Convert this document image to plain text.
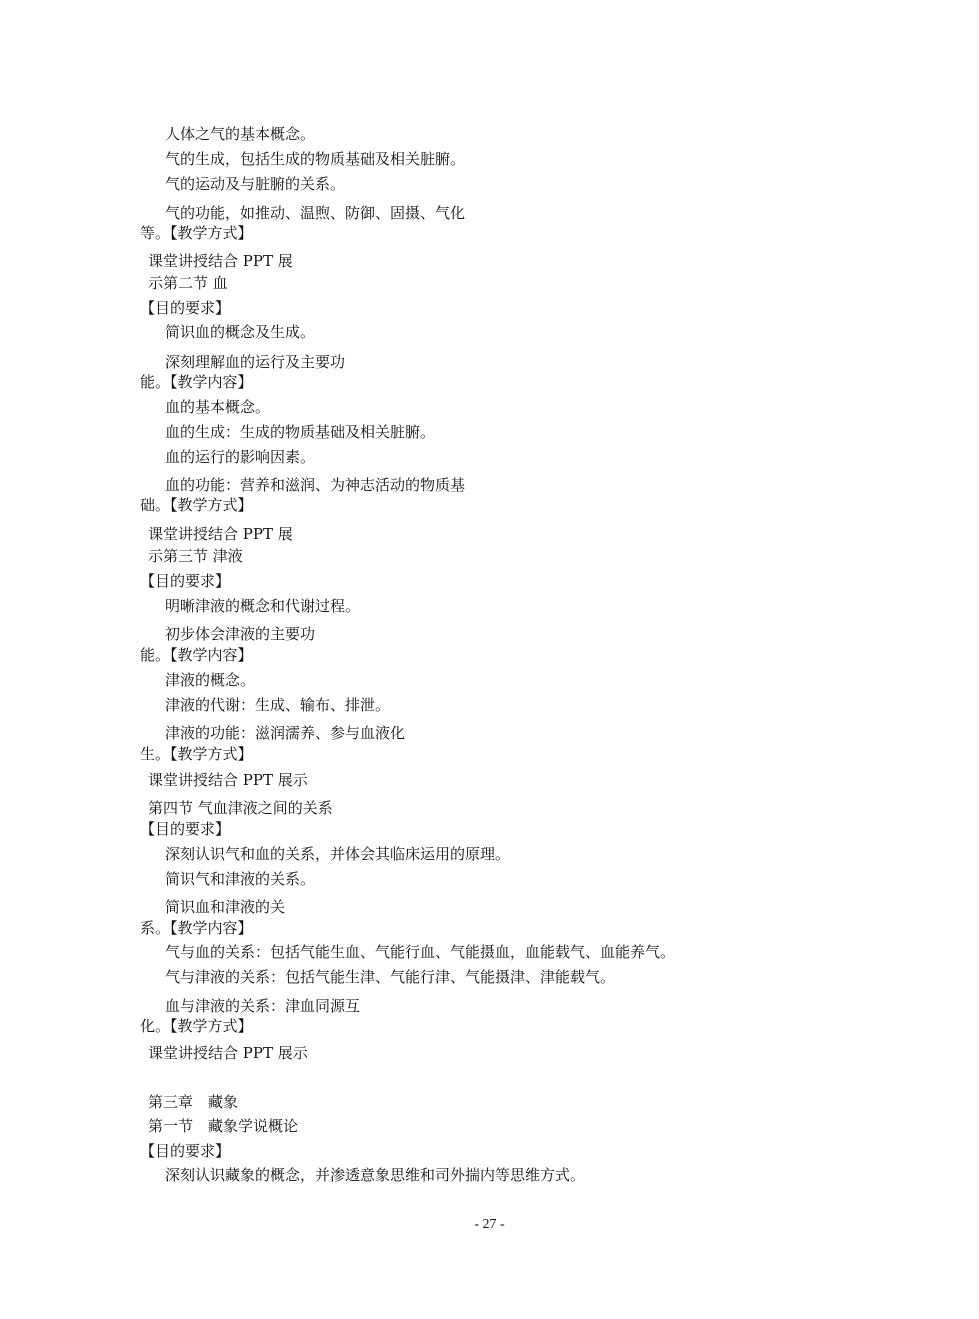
人体之气的基本概念。
气的生成，包括生成的物质基础及相关脏腑。
气的运动及与脏腑的关系。
气的功能，如推动、温煦、防御、固摄、气化
等。【教学方式】
课堂讲授结合 PPT 展
示第二节 血
【目的要求】
简识血的概念及生成。
深刻理解血的运行及主要功
能。【教学内容】
血的基本概念。
血的生成：生成的物质基础及相关脏腑。
血的运行的影响因素。
血的功能：营养和滋润、为神志活动的物质基
础。【教学方式】
课堂讲授结合 PPT 展
示第三节 津液
【目的要求】
明晰津液的概念和代谢过程。
初步体会津液的主要功
能。【教学内容】
津液的概念。
津液的代谢：生成、输布、排泄。
津液的功能：滋润濡养、参与血液化
生。【教学方式】
课堂讲授结合 PPT 展示
第四节 气血津液之间的关系
【目的要求】
深刻认识气和血的关系，并体会其临床运用的原理。
简识气和津液的关系。
简识血和津液的关
系。【教学内容】
气与血的关系：包括气能生血、气能行血、气能摄血，血能载气、血能养气。
气与津液的关系：包括气能生津、气能行津、气能摄津、津能载气。
血与津液的关系：津血同源互
化。【教学方式】
课堂讲授结合 PPT 展示
第三章　藏象
第一节　藏象学说概论
【目的要求】
深刻认识藏象的概念，并渗透意象思维和司外揣内等思维方式。
- 27 -
